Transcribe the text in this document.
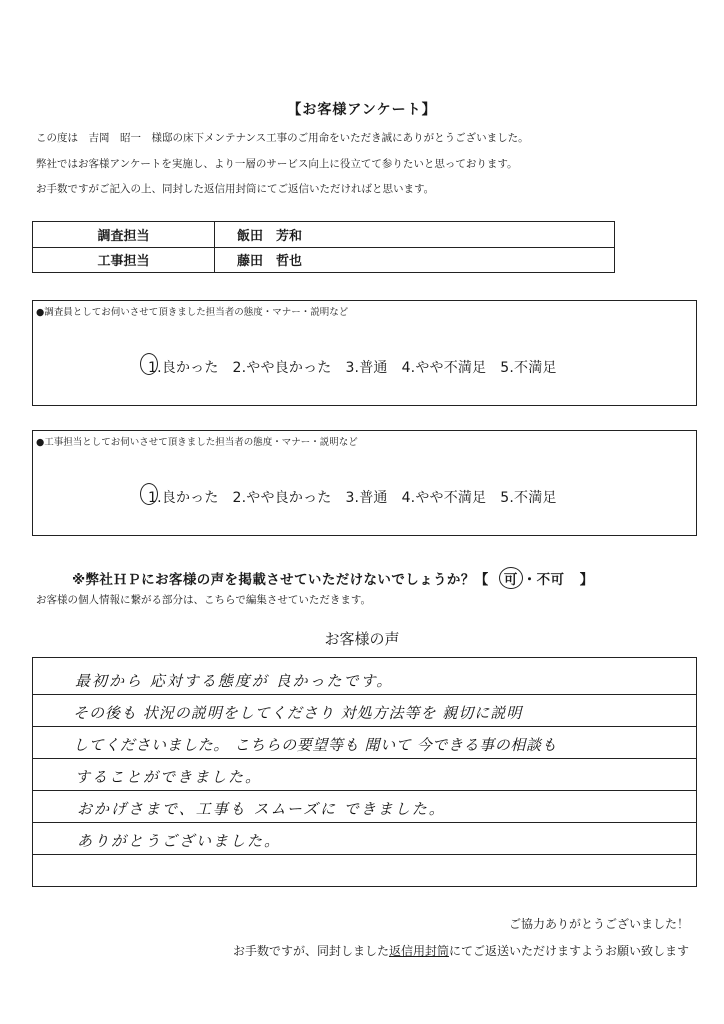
【お客様アンケート】
この度は　吉岡　昭一　様邸の床下メンテナンス工事のご用命をいただき誠にありがとうございました。
弊社ではお客様アンケートを実施し、より一層のサービス向上に役立てて参りたいと思っております。
お手数ですがご記入の上、同封した返信用封筒にてご返信いただければと思います。
調査担当	飯田　芳和
工事担当	藤田　哲也
●調査員としてお伺いさせて頂きました担当者の態度・マナー・説明など
1.良かった 2.やや良かった 3.普通 4.やや不満足 5.不満足
●工事担当としてお伺いさせて頂きました担当者の態度・マナー・説明など
1.良かった 2.やや良かった 3.普通 4.やや不満足 5.不満足
※弊社ＨＰにお客様の声を掲載させていただけないでしょうか？【 可 ・不可 】
お客様の個人情報に繋がる部分は、こちらで編集させていただきます。
お客様の声
最初から 応対する態度が 良かったです。
その後も 状況の説明をしてくださり 対処方法等を 親切に説明
してくださいました。 こちらの要望等も 聞いて 今できる事の相談も
することができました。
おかげさまで、工事も スムーズに できました。
ありがとうございました。
ご協力ありがとうございました！
お手数ですが、同封しました返信用封筒にてご返送いただけますようお願い致します
